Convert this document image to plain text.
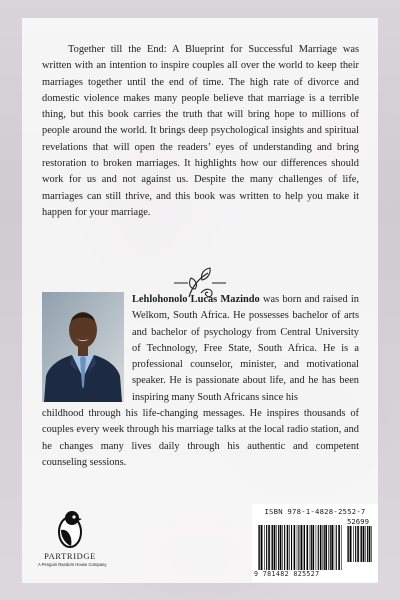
Together till the End: A Blueprint for Successful Marriage was written with an intention to inspire couples all over the world to keep their marriages together until the end of time. The high rate of divorce and domestic violence makes many people believe that marriage is a terrible thing, but this book carries the truth that will bring hope to millions of people around the world. It brings deep psychological insights and spiritual revelations that will open the readers’ eyes of understanding and bring restoration to broken marriages. It highlights how our differences should work for us and not against us. Despite the many challenges of life, marriages can still thrive, and this book was written to help you make it happen for your marriage.

Lehlohonolo Lucas Mazindo was born and raised in Welkom, South Africa. He possesses bachelor of arts and bachelor of psychology from Central University of Technology, Free State, South Africa. He is a professional counselor, minister, and motivational speaker. He is passionate about life, and he has been inspiring many South Africans since his

childhood through his life-changing messages. He inspires thousands of couples every week through his marriage talks at the local radio station, and he changes many lives daily through his authentic and competent counseling sessions.

PARTRIDGE
A Penguin Random House Company
ISBN 978-1-4828-2552-7
52699
9 781482 825527
